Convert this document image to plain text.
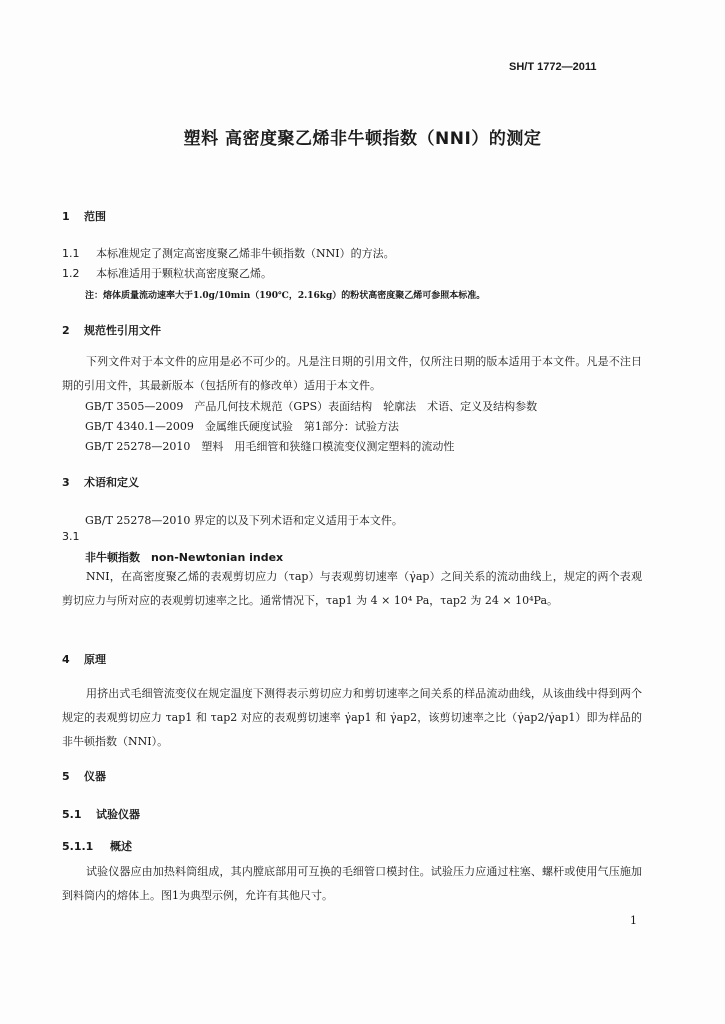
SH/T 1772—2011
塑料 高密度聚乙烯非牛顿指数（NNI）的测定
1 范围
1.1 本标准规定了测定高密度聚乙烯非牛顿指数（NNI）的方法。
1.2 本标准适用于颗粒状高密度聚乙烯。
注：熔体质量流动速率大于1.0g/10min（190℃，2.16kg）的粉状高密度聚乙烯可参照本标准。
2 规范性引用文件
下列文件对于本文件的应用是必不可少的。凡是注日期的引用文件，仅所注日期的版本适用于本文件。凡是不注日期的引用文件，其最新版本（包括所有的修改单）适用于本文件。
GB/T 3505—2009　产品几何技术规范（GPS）表面结构　轮廓法　术语、定义及结构参数
GB/T 4340.1—2009　金属维氏硬度试验　第1部分：试验方法
GB/T 25278—2010　塑料　用毛细管和狭缝口模流变仪测定塑料的流动性
3 术语和定义
GB/T 25278—2010 界定的以及下列术语和定义适用于本文件。
3.1
非牛顿指数　non-Newtonian index
NNI，在高密度聚乙烯的表观剪切应力（τap）与表观剪切速率（γ̇ap）之间关系的流动曲线上，规定的两个表观剪切应力与所对应的表观剪切速率之比。通常情况下，τap1 为 4 × 10⁴ Pa，τap2 为 24 × 10⁴Pa。
4 原理
用挤出式毛细管流变仪在规定温度下测得表示剪切应力和剪切速率之间关系的样品流动曲线，从该曲线中得到两个规定的表观剪切应力 τap1 和 τap2 对应的表观剪切速率 γ̇ap1 和 γ̇ap2，该剪切速率之比（γ̇ap2/γ̇ap1）即为样品的非牛顿指数（NNI）。
5 仪器
5.1 试验仪器
5.1.1 概述
试验仪器应由加热料筒组成，其内膛底部用可互换的毛细管口模封住。试验压力应通过柱塞、螺杆或使用气压施加到料筒内的熔体上。图1为典型示例，允许有其他尺寸。
1
